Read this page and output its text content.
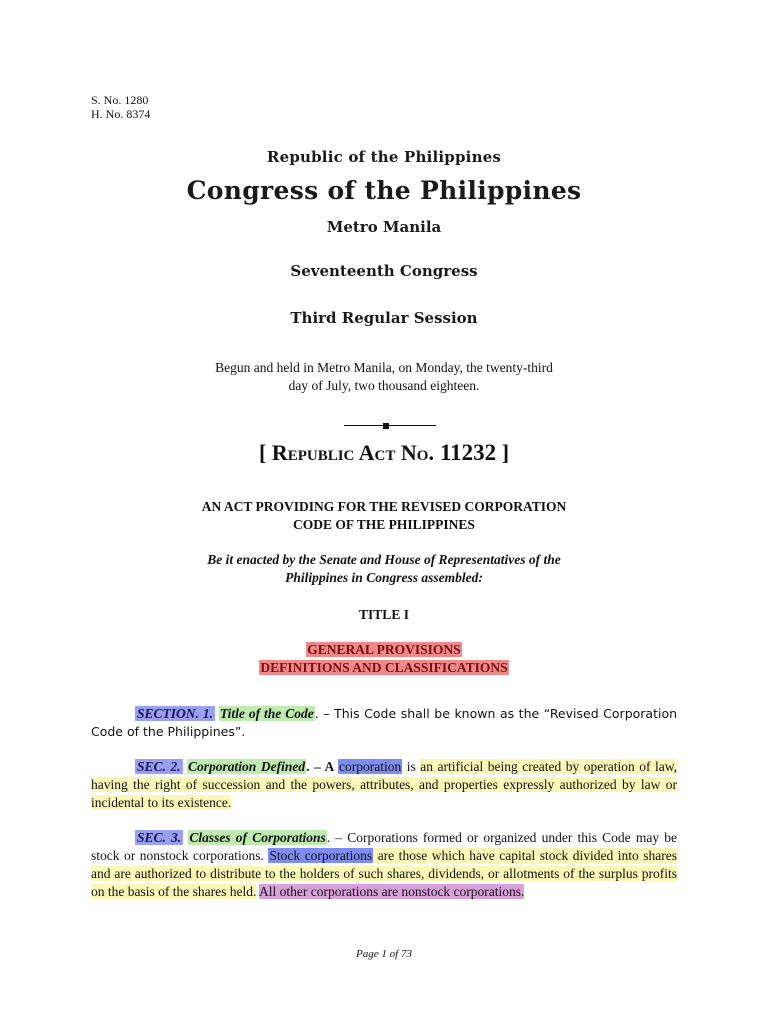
S. No. 1280
H. No. 8374
Republic of the Philippines
Congress of the Philippines
Metro Manila
Seventeenth Congress
Third Regular Session
Begun and held in Metro Manila, on Monday, the twenty-third
day of July, two thousand eighteen.
[ Republic Act No. 11232 ]
AN ACT PROVIDING FOR THE REVISED CORPORATION
CODE OF THE PHILIPPINES
Be it enacted by the Senate and House of Representatives of the
Philippines in Congress assembled:
TITLE I
GENERAL PROVISIONS
DEFINITIONS AND CLASSIFICATIONS
SECTION. 1. Title of the Code. – This Code shall be known as the “Revised Corporation Code of the Philippines”.
SEC. 2. Corporation Defined. – A corporation is an artificial being created by operation of law, having the right of succession and the powers, attributes, and properties expressly authorized by law or incidental to its existence.
SEC. 3. Classes of Corporations. – Corporations formed or organized under this Code may be stock or nonstock corporations. Stock corporations are those which have capital stock divided into shares and are authorized to distribute to the holders of such shares, dividends, or allotments of the surplus profits on the basis of the shares held. All other corporations are nonstock corporations.
Page 1 of 73
